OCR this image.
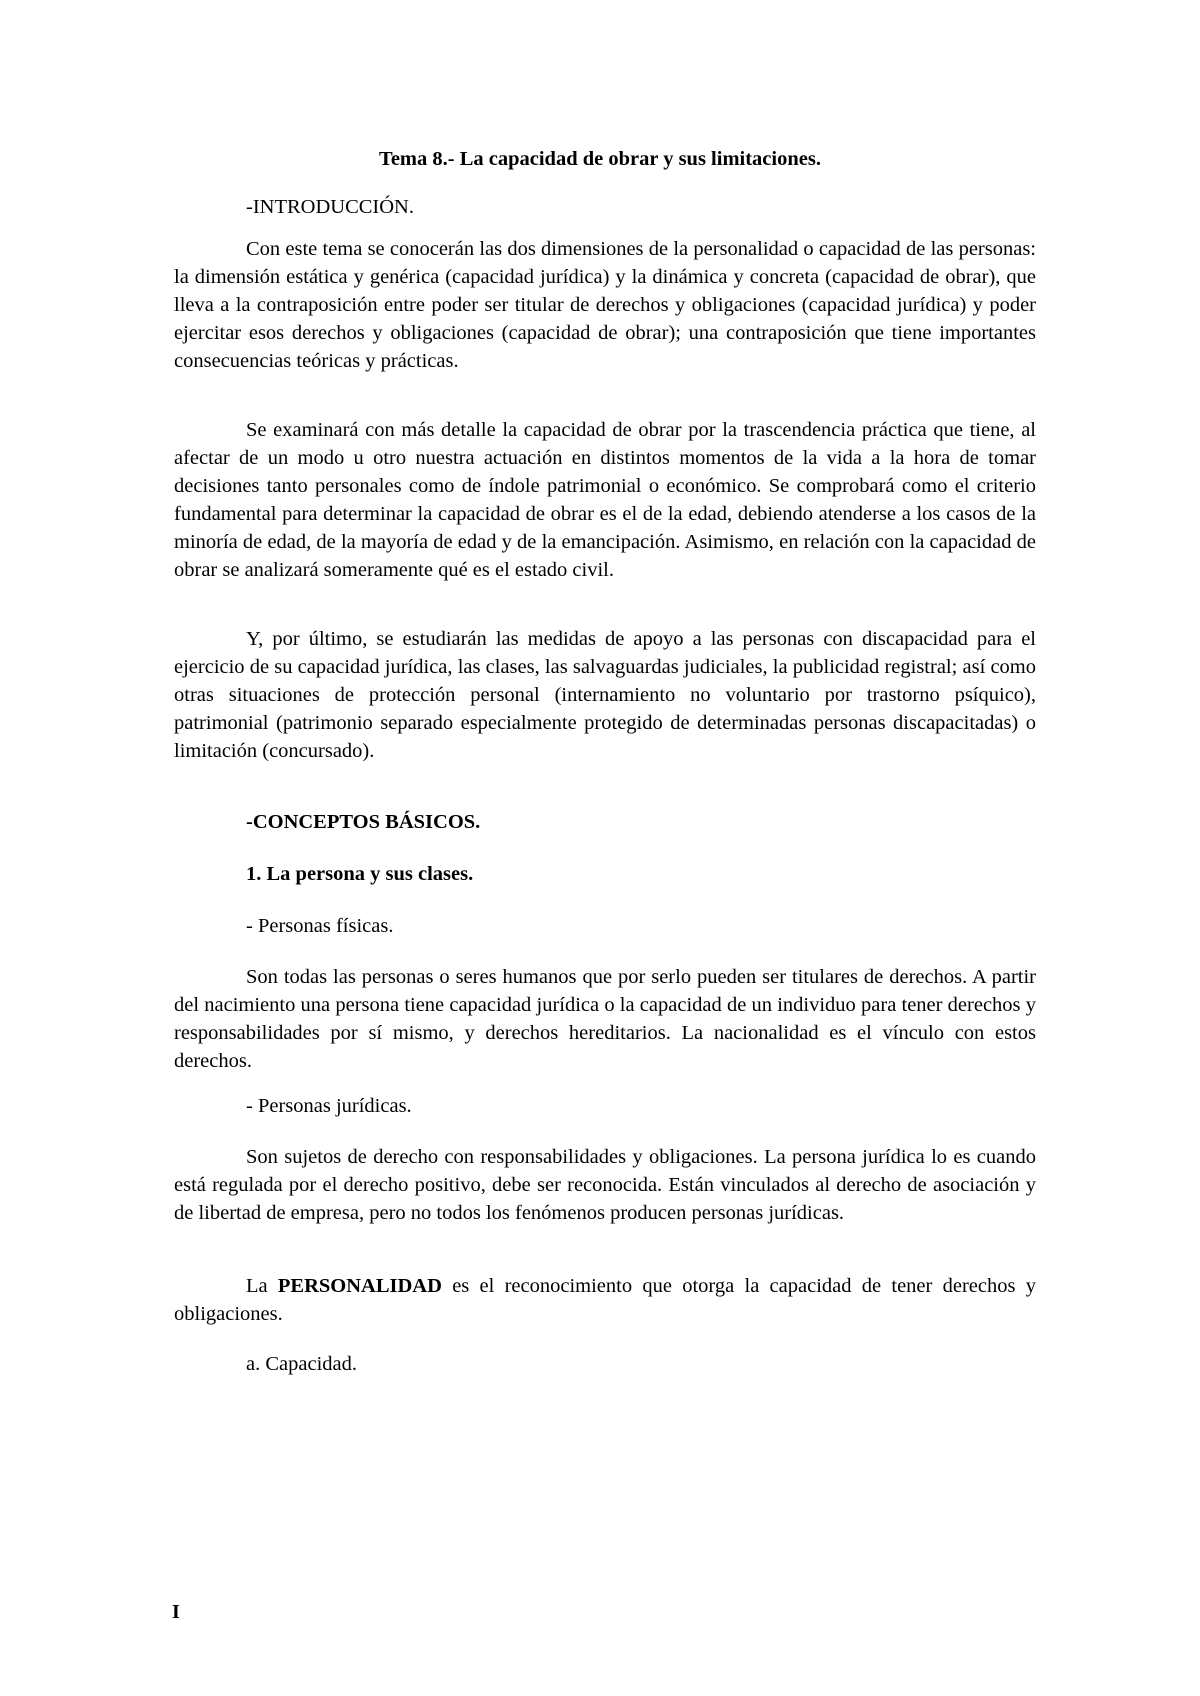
Tema 8.- La capacidad de obrar y sus limitaciones.

-INTRODUCCIÓN.

Con este tema se conocerán las dos dimensiones de la personalidad o capacidad de las personas: la dimensión estática y genérica (capacidad jurídica) y la dinámica y concreta (capacidad de obrar), que lleva a la contraposición entre poder ser titular de derechos y obligaciones (capacidad jurídica) y poder ejercitar esos derechos y obligaciones (capacidad de obrar); una contraposición que tiene importantes consecuencias teóricas y prácticas.

Se examinará con más detalle la capacidad de obrar por la trascendencia práctica que tiene, al afectar de un modo u otro nuestra actuación en distintos momentos de la vida a la hora de tomar decisiones tanto personales como de índole patrimonial o económico. Se comprobará como el criterio fundamental para determinar la capacidad de obrar es el de la edad, debiendo atenderse a los casos de la minoría de edad, de la mayoría de edad y de la emancipación. Asimismo, en relación con la capacidad de obrar se analizará someramente qué es el estado civil.

Y, por último, se estudiarán las medidas de apoyo a las personas con discapacidad para el ejercicio de su capacidad jurídica, las clases, las salvaguardas judiciales, la publicidad registral; así como otras situaciones de protección personal (internamiento no voluntario por trastorno psíquico), patrimonial (patrimonio separado especialmente protegido de determinadas personas discapacitadas) o limitación (concursado).

-CONCEPTOS BÁSICOS.

1. La persona y sus clases.

- Personas físicas.

Son todas las personas o seres humanos que por serlo pueden ser titulares de derechos. A partir del nacimiento una persona tiene capacidad jurídica o la capacidad de un individuo para tener derechos y responsabilidades por sí mismo, y derechos hereditarios. La nacionalidad es el vínculo con estos derechos.

- Personas jurídicas.

Son sujetos de derecho con responsabilidades y obligaciones. La persona jurídica lo es cuando está regulada por el derecho positivo, debe ser reconocida. Están vinculados al derecho de asociación y de libertad de empresa, pero no todos los fenómenos producen personas jurídicas.

La PERSONALIDAD es el reconocimiento que otorga la capacidad de tener derechos y obligaciones.

a. Capacidad.

I
